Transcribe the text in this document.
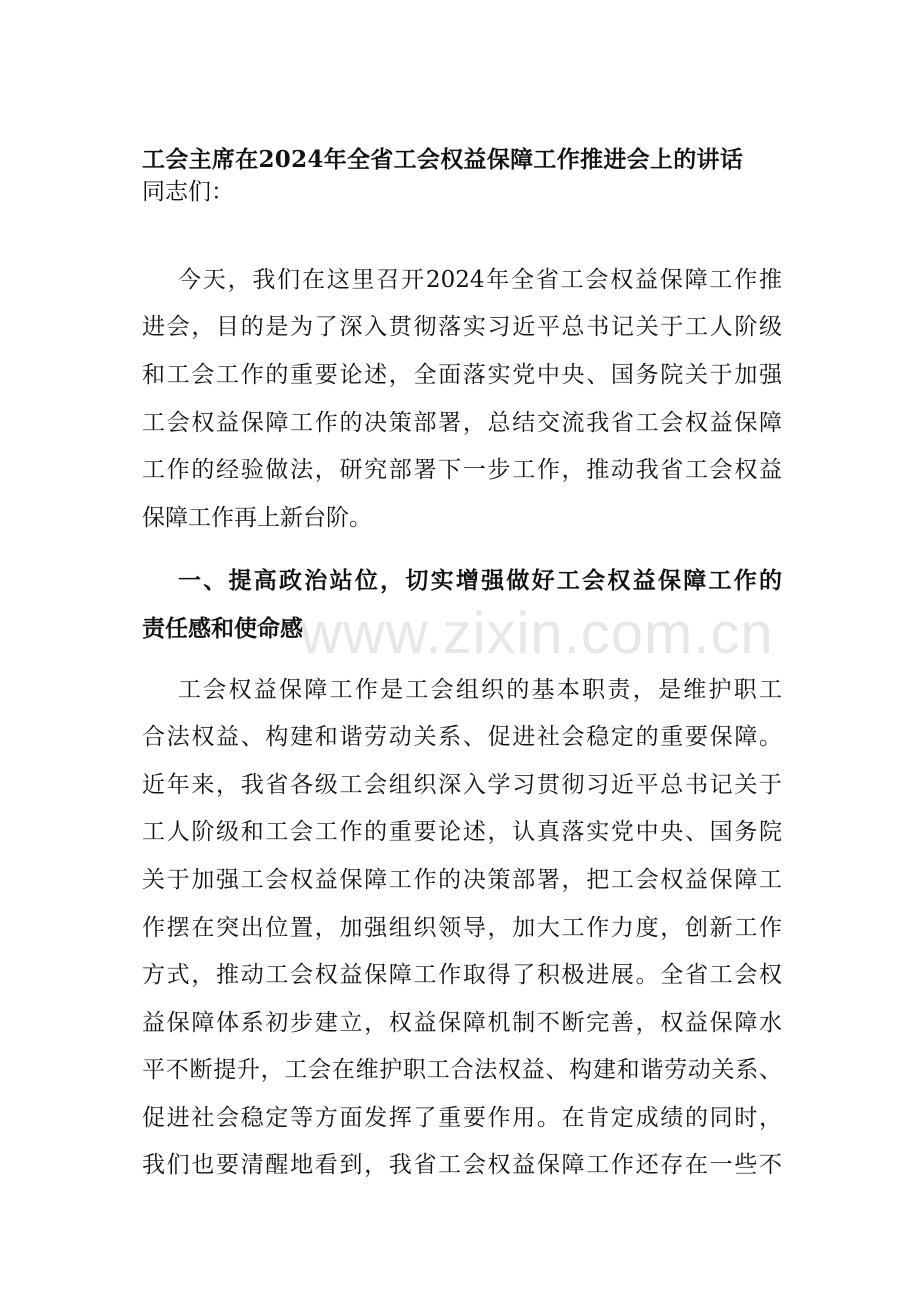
工会主席在2024年全省工会权益保障工作推进会上的讲话
同志们：
今天，我们在这里召开2024年全省工会权益保障工作推
进会，目的是为了深入贯彻落实习近平总书记关于工人阶级
和工会工作的重要论述，全面落实党中央、国务院关于加强
工会权益保障工作的决策部署，总结交流我省工会权益保障
工作的经验做法，研究部署下一步工作，推动我省工会权益
保障工作再上新台阶。
一、提高政治站位，切实增强做好工会权益保障工作的
责任感和使命感
工会权益保障工作是工会组织的基本职责，是维护职工
合法权益、构建和谐劳动关系、促进社会稳定的重要保障。
近年来，我省各级工会组织深入学习贯彻习近平总书记关于
工人阶级和工会工作的重要论述，认真落实党中央、国务院
关于加强工会权益保障工作的决策部署，把工会权益保障工
作摆在突出位置，加强组织领导，加大工作力度，创新工作
方式，推动工会权益保障工作取得了积极进展。全省工会权
益保障体系初步建立，权益保障机制不断完善，权益保障水
平不断提升，工会在维护职工合法权益、构建和谐劳动关系、
促进社会稳定等方面发挥了重要作用。在肯定成绩的同时，
我们也要清醒地看到，我省工会权益保障工作还存在一些不
www.zixin.com.cn
